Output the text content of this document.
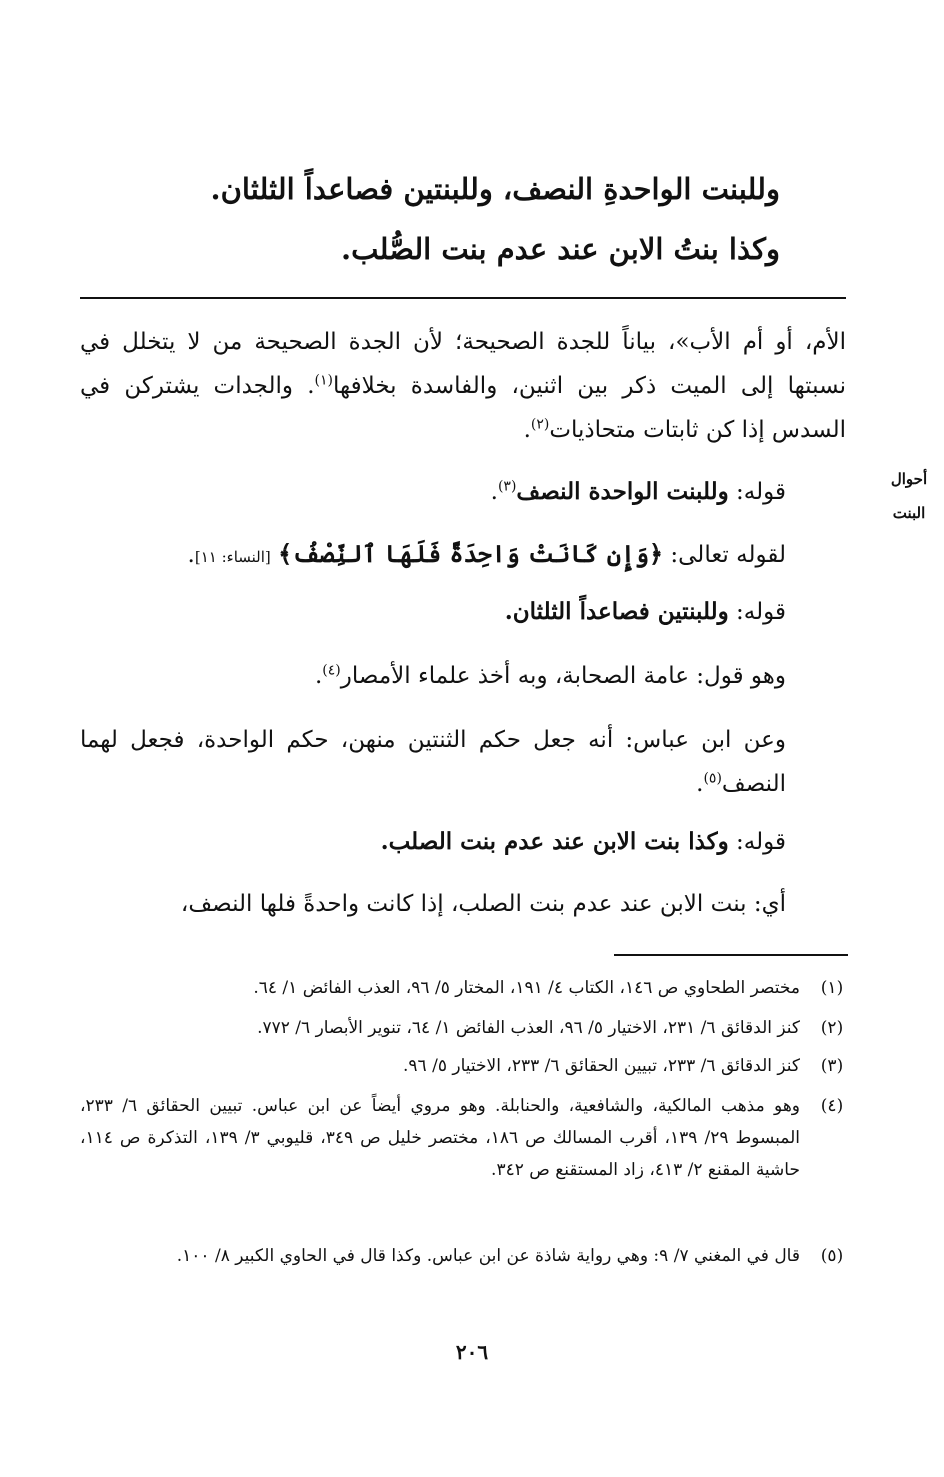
وللبنت الواحدةِ النصف، وللبنتين فصاعداً الثلثان.
وكذا بنتُ الابن عند عدم بنت الصُّلب.
الأم، أو أم الأب»، بياناً للجدة الصحيحة؛ لأن الجدة الصحيحة من لا يتخلل في نسبتها إلى الميت ذكر بين اثنين، والفاسدة بخلافها$^{(١)}$. والجدات يشتركن في السدس إذا كن ثابتات متحاذيات$^{(٢)}$.
أحوال
البنت
قوله: وللبنت الواحدة النصف$^{(٣)}$.
لقوله تعالى: ﴿وَإِن كَانَتْ وَاحِدَةً فَلَهَا ٱلنِّصْفُ﴾ [النساء: ١١].
قوله: وللبنتين فصاعداً الثلثان.
وهو قول: عامة الصحابة، وبه أخذ علماء الأمصار$^{(٤)}$.
وعن ابن عباس: أنه جعل حكم الثنتين منهن، حكم الواحدة، فجعل لهما النصف$^{(٥)}$.
قوله: وكذا بنت الابن عند عدم بنت الصلب.
أي: بنت الابن عند عدم بنت الصلب، إذا كانت واحدةً فلها النصف،
(١)
مختصر الطحاوي ص ١٤٦، الكتاب ٤/ ١٩١، المختار ٥/ ٩٦، العذب الفائض ١/ ٦٤.
(٢)
كنز الدقائق ٦/ ٢٣١، الاختيار ٥/ ٩٦، العذب الفائض ١/ ٦٤، تنوير الأبصار ٦/ ٧٧٢.
(٣)
كنز الدقائق ٦/ ٢٣٣، تبيين الحقائق ٦/ ٢٣٣، الاختيار ٥/ ٩٦.
(٤)
وهو مذهب المالكية، والشافعية، والحنابلة. وهو مروي أيضاً عن ابن عباس. تبيين الحقائق ٦/ ٢٣٣، المبسوط ٢٩/ ١٣٩، أقرب المسالك ص ١٨٦، مختصر خليل ص ٣٤٩، قليوبي ٣/ ١٣٩، التذكرة ص ١١٤، حاشية المقنع ٢/ ٤١٣، زاد المستقنع ص ٣٤٢.
(٥)
قال في المغني ٧/ ٩: وهي رواية شاذة عن ابن عباس. وكذا قال في الحاوي الكبير ٨/ ١٠٠.
٢٠٦
